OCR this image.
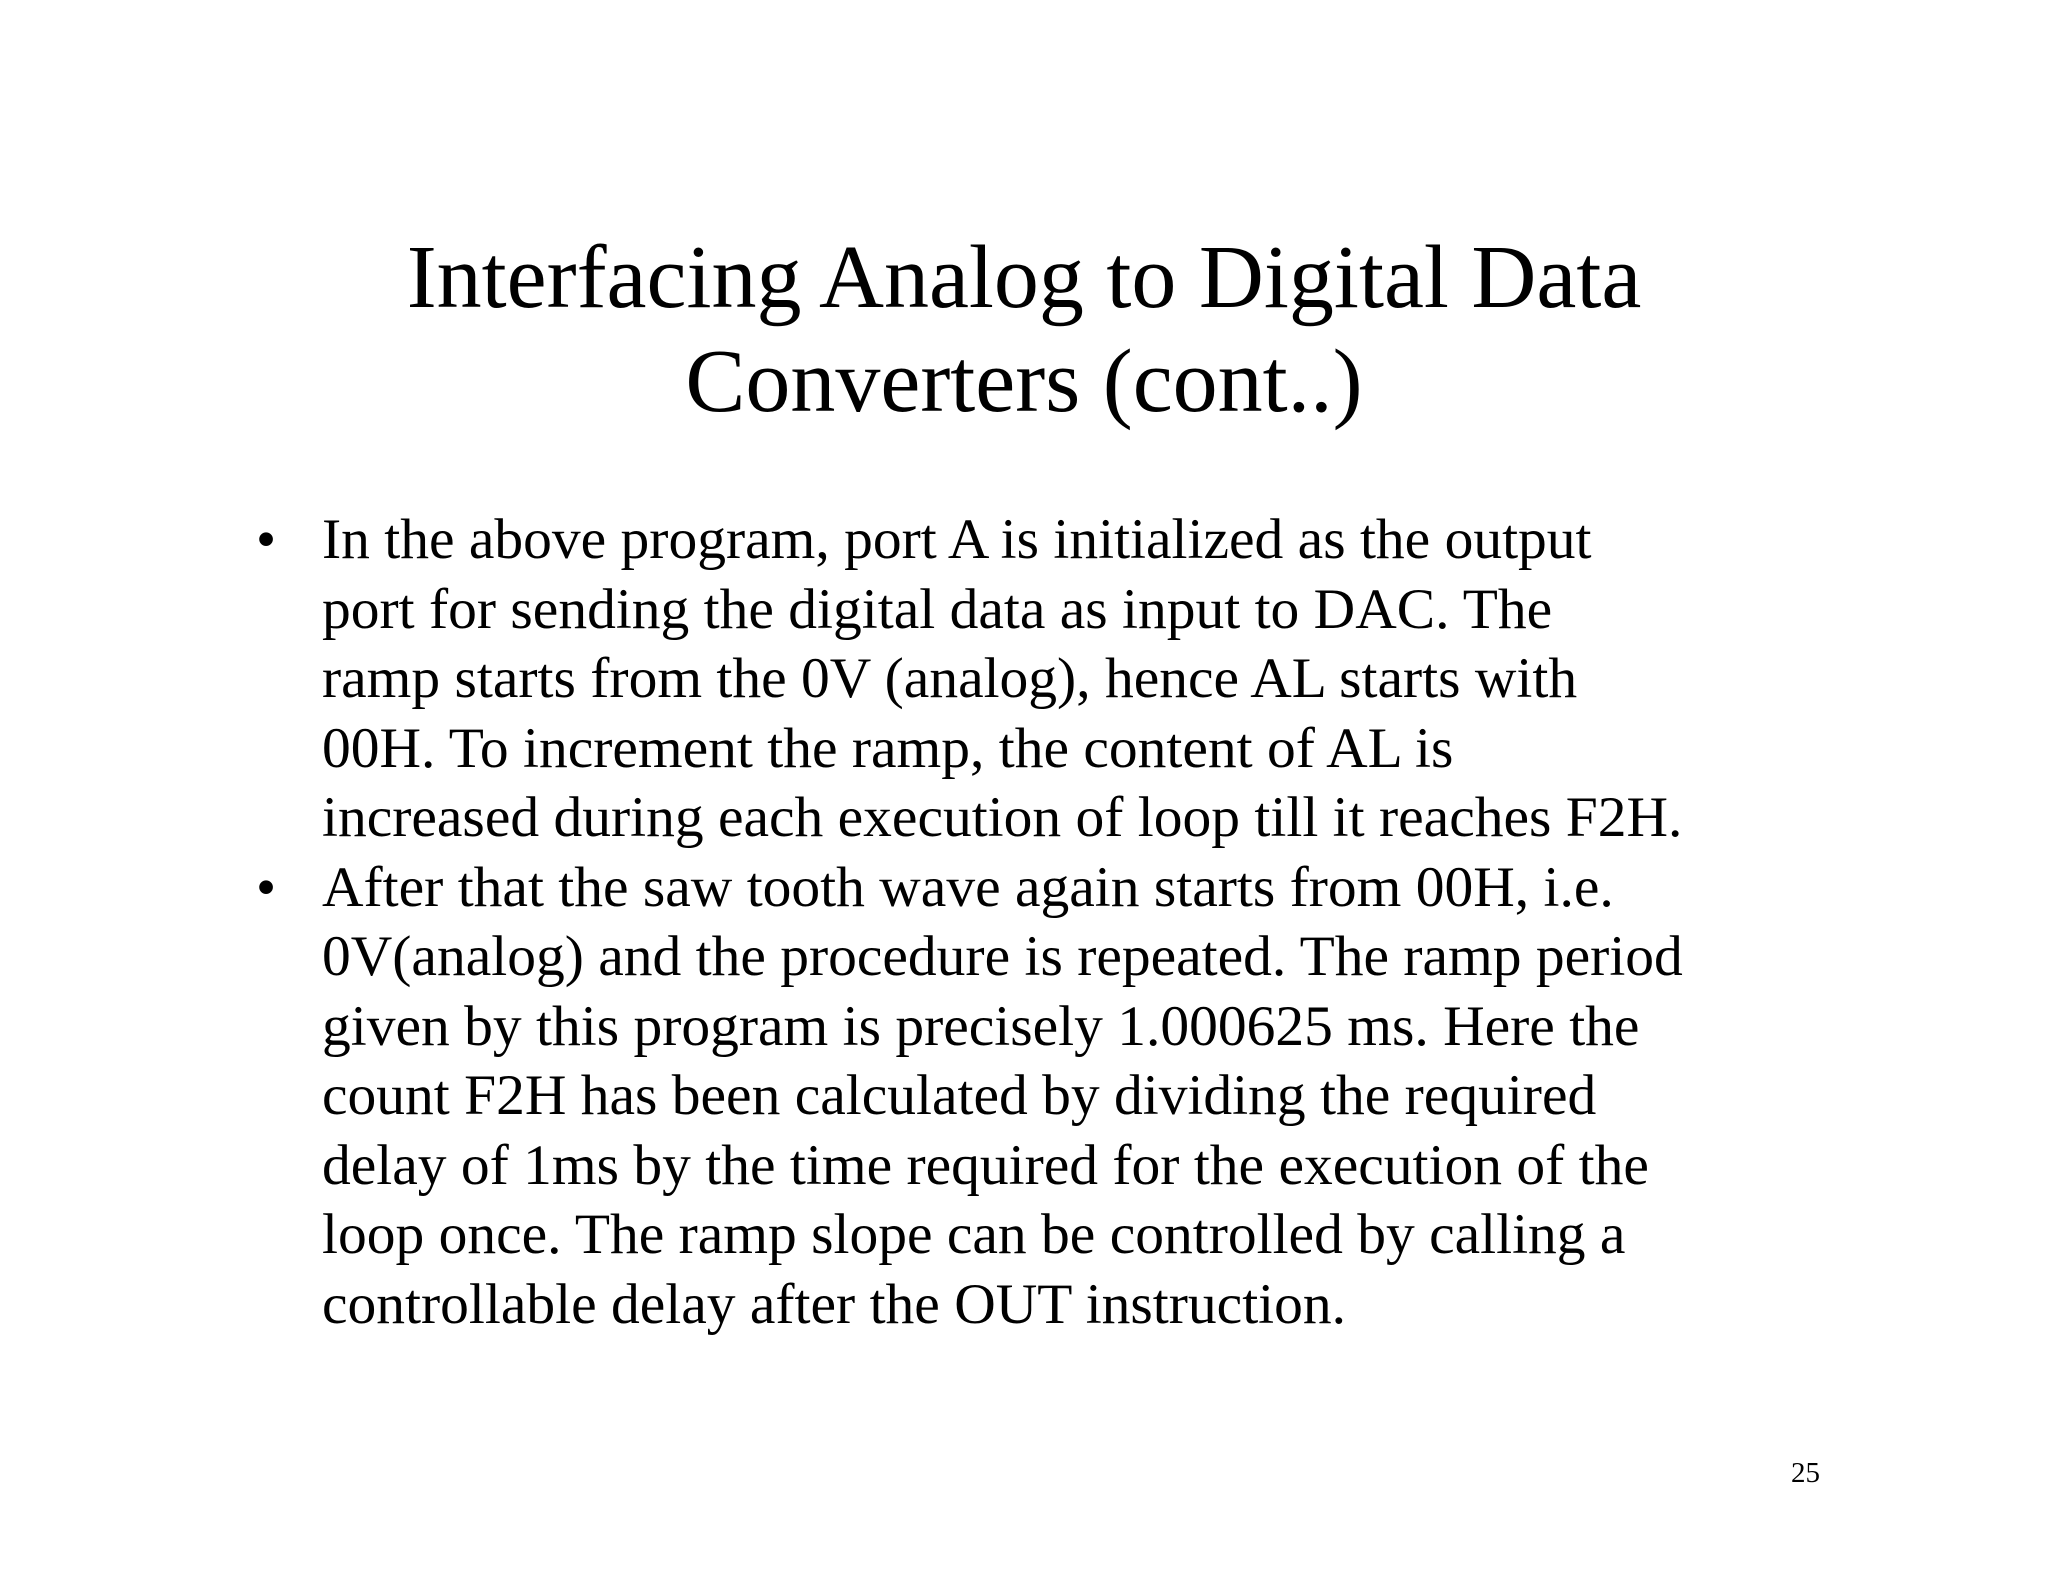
Interfacing Analog to Digital Data
Converters (cont..)
• In the above program, port A is initialized as the output
port for sending the digital data as input to DAC. The
ramp starts from the 0V (analog), hence AL starts with
00H. To increment the ramp, the content of AL is
increased during each execution of loop till it reaches F2H.
• After that the saw tooth wave again starts from 00H, i.e.
0V(analog) and the procedure is repeated. The ramp period
given by this program is precisely 1.000625 ms. Here the
count F2H has been calculated by dividing the required
delay of 1ms by the time required for the execution of the
loop once. The ramp slope can be controlled by calling a
controllable delay after the OUT instruction.
25
